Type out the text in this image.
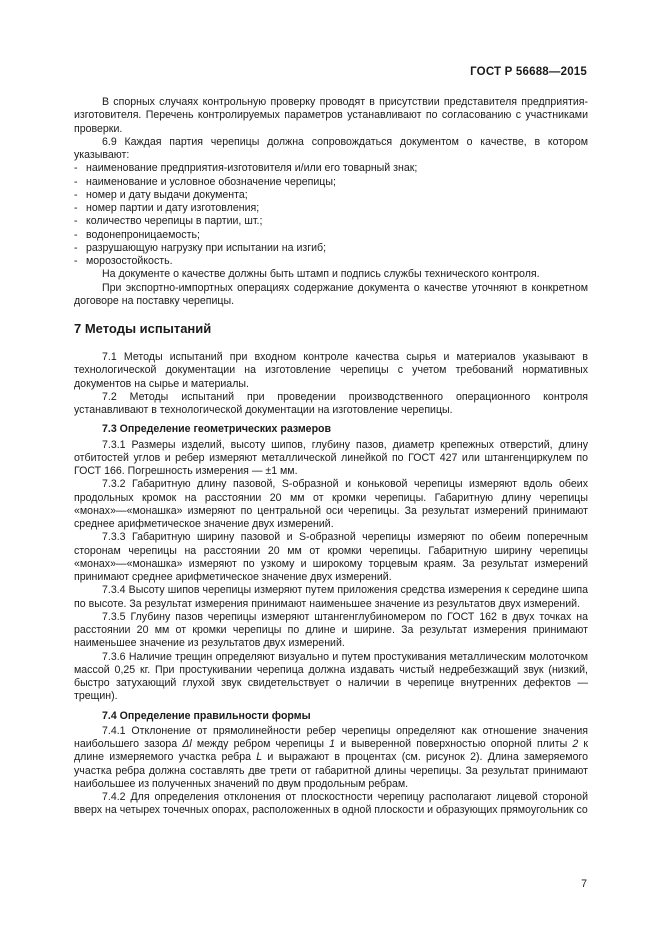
ГОСТ Р 56688—2015

В спорных случаях контрольную проверку проводят в присутствии представителя предприятия-изготовителя. Перечень контролируемых параметров устанавливают по согласованию с участниками проверки.

6.9 Каждая партия черепицы должна сопровождаться документом о качестве, в котором указывают:

- наименование предприятия-изготовителя и/или его товарный знак;
- наименование и условное обозначение черепицы;
- номер и дату выдачи документа;
- номер партии и дату изготовления;
- количество черепицы в партии, шт.;
- водонепроницаемость;
- разрушающую нагрузку при испытании на изгиб;
- морозостойкость.

На документе о качестве должны быть штамп и подпись службы технического контроля.

При экспортно-импортных операциях содержание документа о качестве уточняют в конкретном договоре на поставку черепицы.

7 Методы испытаний

7.1 Методы испытаний при входном контроле качества сырья и материалов указывают в технологической документации на изготовление черепицы с учетом требований нормативных документов на сырье и материалы.

7.2 Методы испытаний при проведении производственного операционного контроля устанавливают в технологической документации на изготовление черепицы.

7.3 Определение геометрических размеров

7.3.1 Размеры изделий, высоту шипов, глубину пазов, диаметр крепежных отверстий, длину отбитостей углов и ребер измеряют металлической линейкой по ГОСТ 427 или штангенциркулем по ГОСТ 166. Погрешность измерения — ±1 мм.

7.3.2 Габаритную длину пазовой, S-образной и коньковой черепицы измеряют вдоль обеих продольных кромок на расстоянии 20 мм от кромки черепицы. Габаритную длину черепицы «монах»—«монашка» измеряют по центральной оси черепицы. За результат измерений принимают среднее арифметическое значение двух измерений.

7.3.3 Габаритную ширину пазовой и S-образной черепицы измеряют по обеим поперечным сторонам черепицы на расстоянии 20 мм от кромки черепицы. Габаритную ширину черепицы «монах»—«монашка» измеряют по узкому и широкому торцевым краям. За результат измерений принимают среднее арифметическое значение двух измерений.

7.3.4 Высоту шипов черепицы измеряют путем приложения средства измерения к середине шипа по высоте. За результат измерения принимают наименьшее значение из результатов двух измерений.

7.3.5 Глубину пазов черепицы измеряют штангенглубиномером по ГОСТ 162 в двух точках на расстоянии 20 мм от кромки черепицы по длине и ширине. За результат измерения принимают наименьшее значение из результатов двух измерений.

7.3.6 Наличие трещин определяют визуально и путем простукивания металлическим молоточком массой 0,25 кг. При простукивании черепица должна издавать чистый недребезжащий звук (низкий, быстро затухающий глухой звук свидетельствует о наличии в черепице внутренних дефектов — трещин).

7.4 Определение правильности формы

7.4.1 Отклонение от прямолинейности ребер черепицы определяют как отношение значения наибольшего зазора Δl между ребром черепицы 1 и выверенной поверхностью опорной плиты 2 к длине измеряемого участка ребра L и выражают в процентах (см. рисунок 2). Длина замеряемого участка ребра должна составлять две трети от габаритной длины черепицы. За результат принимают наибольшее из полученных значений по двум продольным ребрам.

7.4.2 Для определения отклонения от плоскостности черепицу располагают лицевой стороной вверх на четырех точечных опорах, расположенных в одной плоскости и образующих прямоугольник со

7
